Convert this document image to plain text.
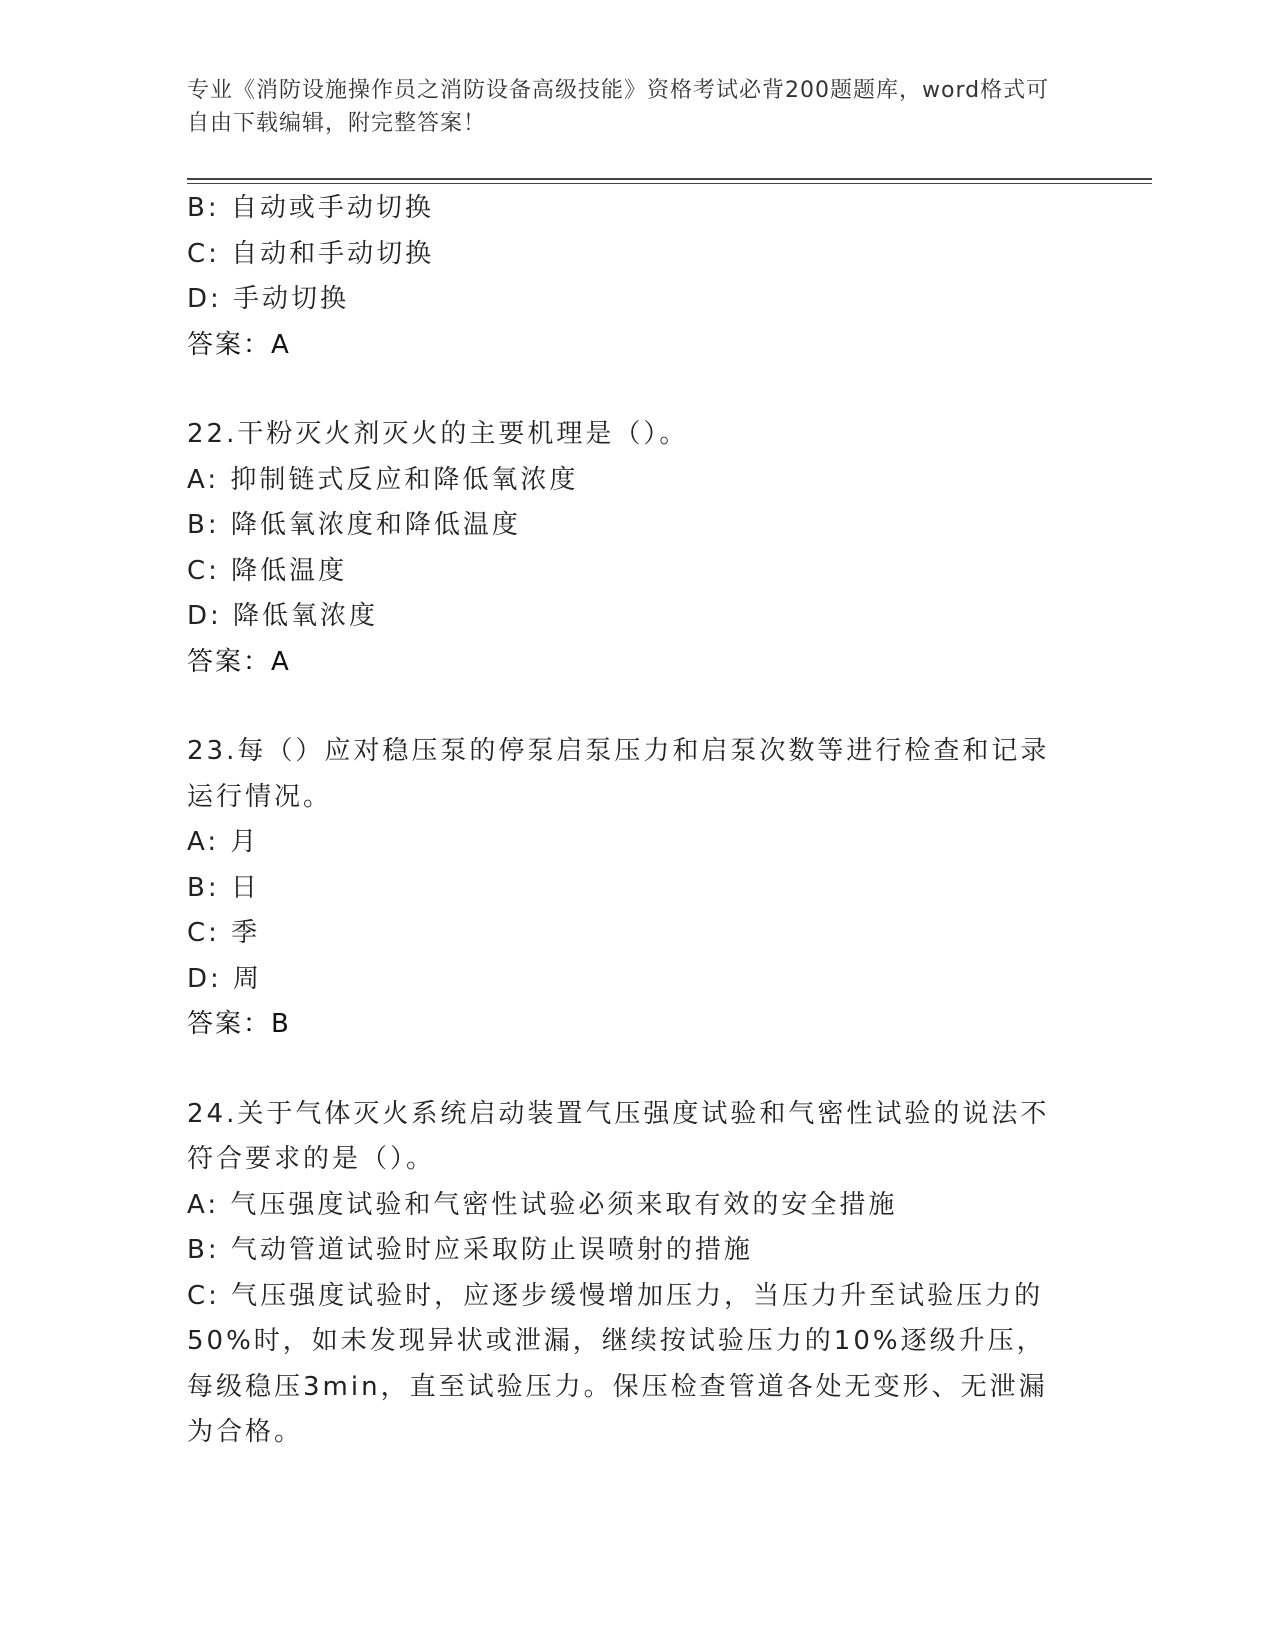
专业《消防设施操作员之消防设备高级技能》资格考试必背200题题库，word格式可自由下载编辑，附完整答案！
B: 自动或手动切换
C: 自动和手动切换
D: 手动切换
答案：A
22.干粉灭火剂灭火的主要机理是（）。
A: 抑制链式反应和降低氧浓度
B: 降低氧浓度和降低温度
C: 降低温度
D: 降低氧浓度
答案：A
23.每（）应对稳压泵的停泵启泵压力和启泵次数等进行检查和记录运行情况。
A: 月
B: 日
C: 季
D: 周
答案：B
24.关于气体灭火系统启动装置气压强度试验和气密性试验的说法不符合要求的是（）。
A: 气压强度试验和气密性试验必须来取有效的安全措施
B: 气动管道试验时应采取防止误喷射的措施
C: 气压强度试验时，应逐步缓慢增加压力，当压力升至试验压力的50%时，如未发现异状或泄漏，继续按试验压力的10%逐级升压，每级稳压3min，直至试验压力。保压检查管道各处无变形、无泄漏为合格。
